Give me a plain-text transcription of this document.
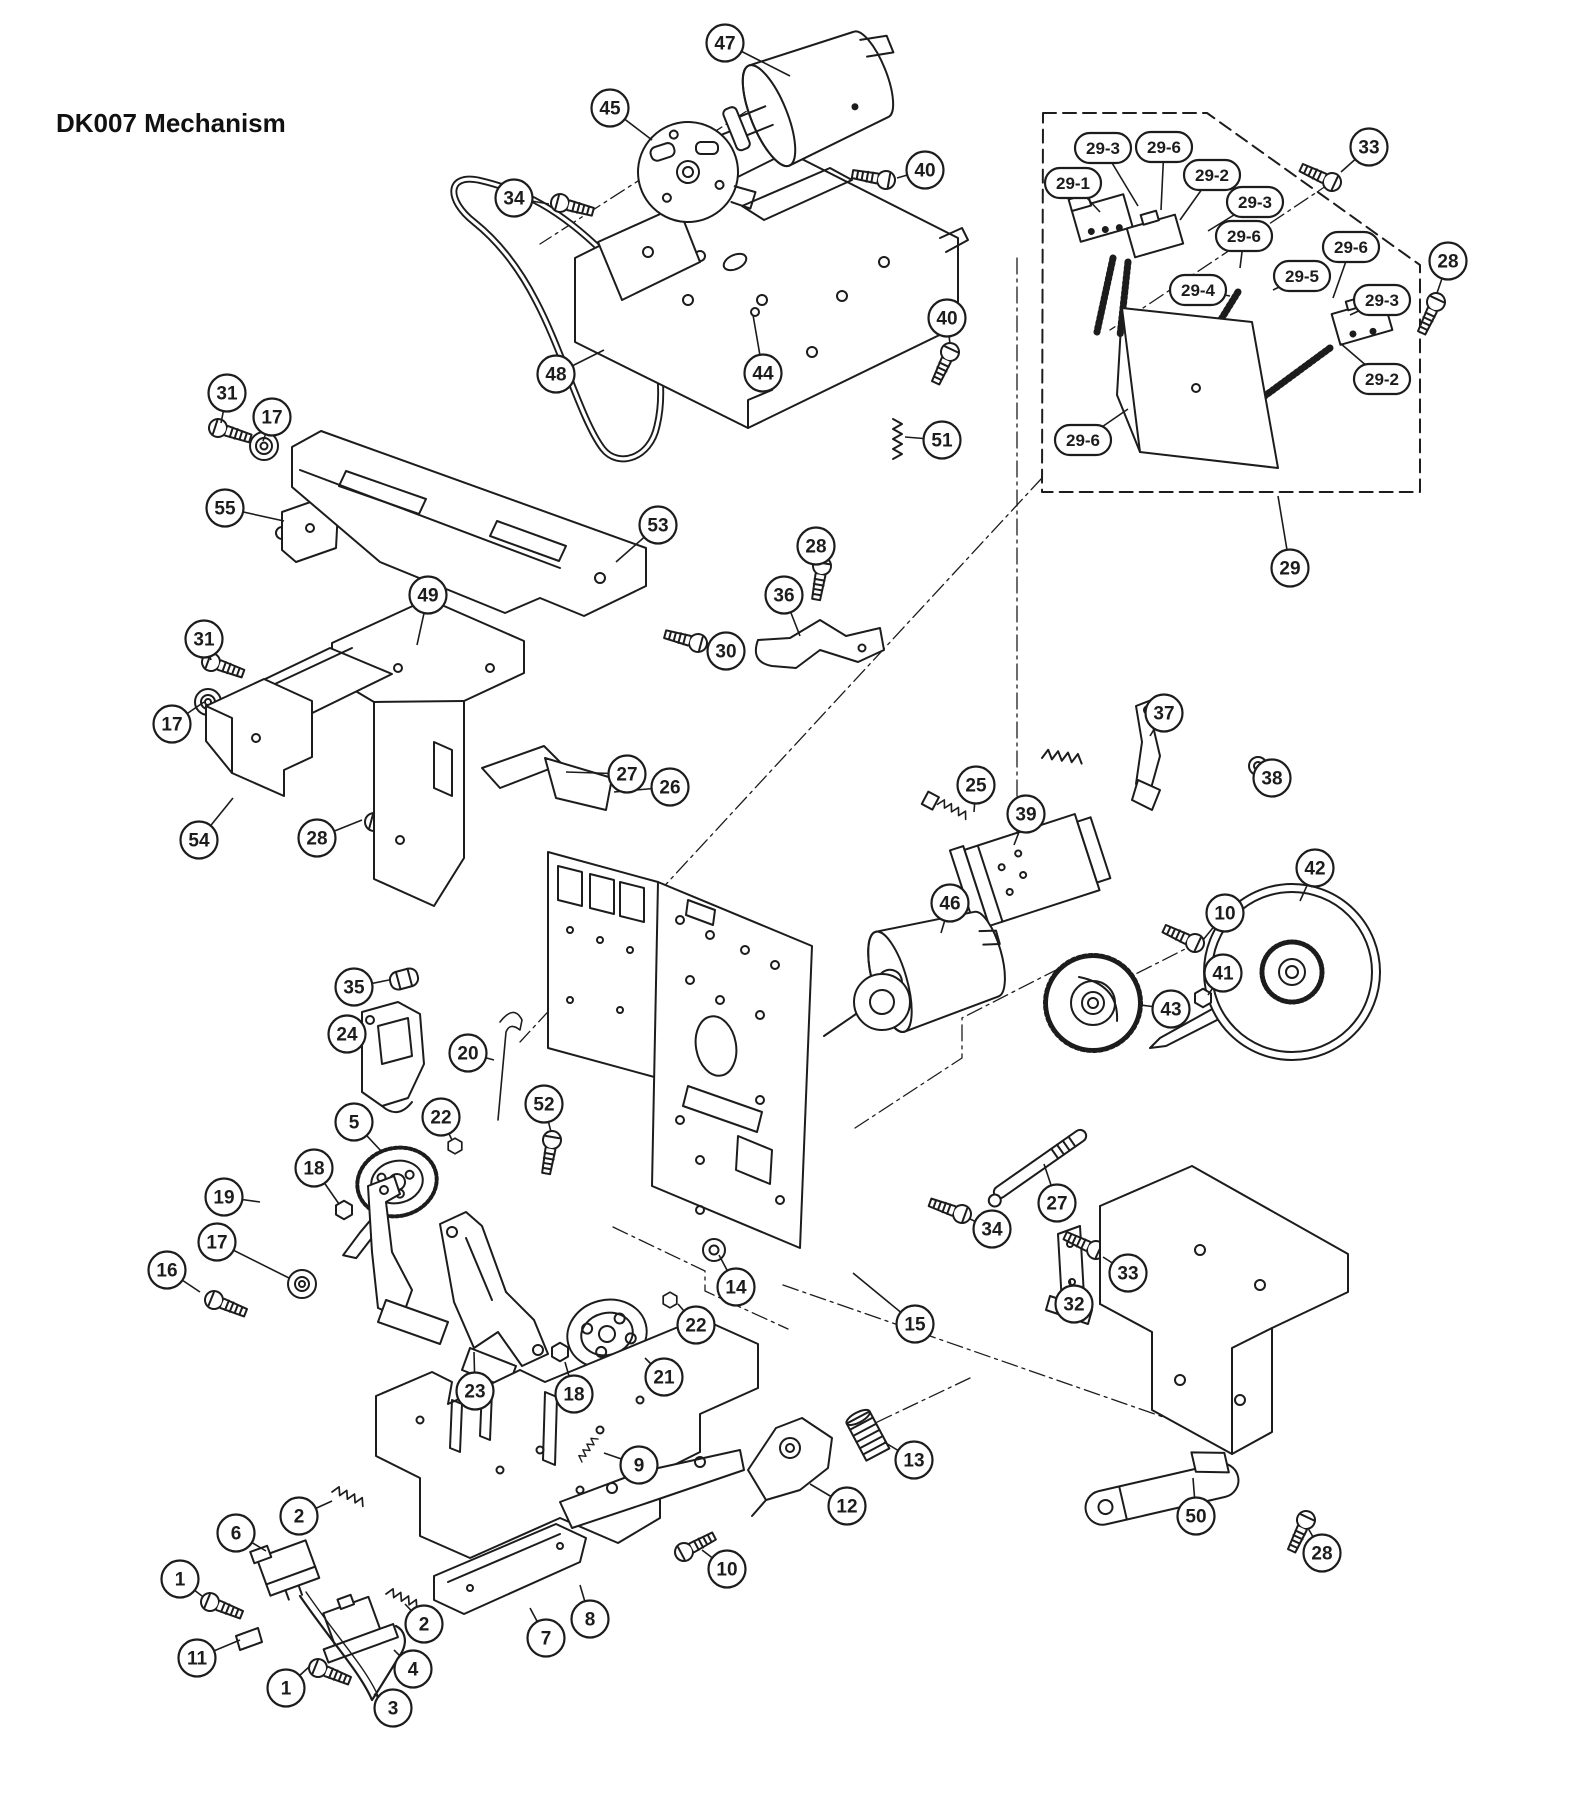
DK007 Mechanism
47
45
34
40
40
48	44
51
29-3 29-6
29-2
29-1
29-3
33
29-6
29-6
29-5
29-4
29-3
28
29-2
29-6
29
31
17
55
49
53
31
17
54	28
28
36
30
27
26
37
38
25
39
46	10
42
41
43
27
34
33
32
35
24
20
52
5	22
18
19
17
16
14
15
22
21
23	18
9	13
12
10
2
6
1
11
1
3
4
2
7
8
50
28
